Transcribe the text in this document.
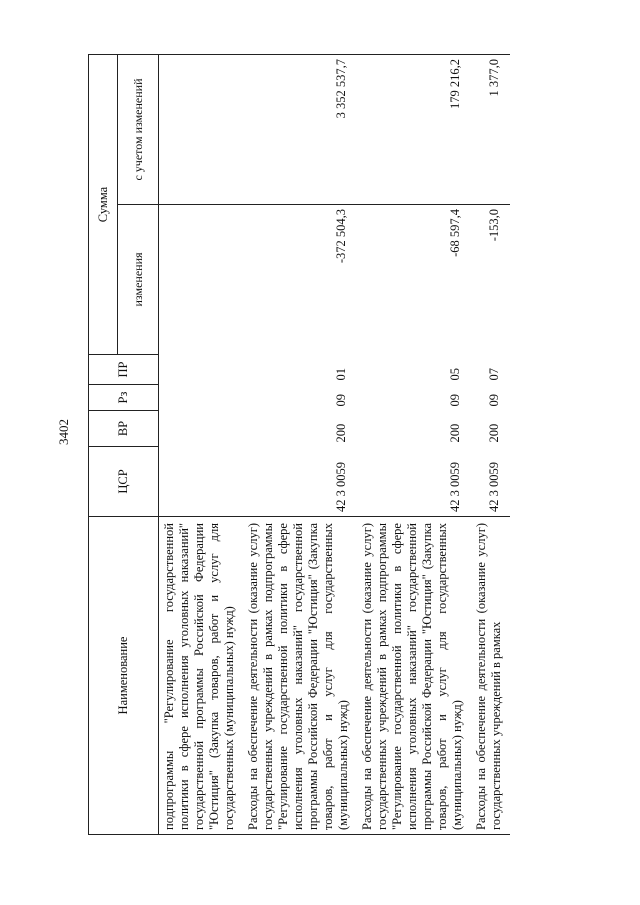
3402
Наименование	ЦСР	ВР	Рз	ПР	Сумма	
					изменения	с учетом изменений
подпрограммы "Регулирование государственной политики в сфере исполнения уголовных наказаний" государственной программы Российской Федерации "Юстиция" (Закупка товаров, работ и услуг для государственных (муниципальных) нужд)						
Расходы на обеспечение деятельности (оказание услуг) государственных учреждений в рамках подпрограммы "Регулирование государственной политики в сфере исполнения уголовных наказаний" государственной программы Российской Федерации "Юстиция" (Закупка товаров, работ и услуг для государственных (муниципальных) нужд)	42 3 0059	200	09	01	-372 504,3	3 352 537,7
Расходы на обеспечение деятельности (оказание услуг) государственных учреждений в рамках подпрограммы "Регулирование государственной политики в сфере исполнения уголовных наказаний" государственной программы Российской Федерации "Юстиция" (Закупка товаров, работ и услуг для государственных (муниципальных) нужд)	42 3 0059	200	09	05	-68 597,4	179 216,2
Расходы на обеспечение деятельности (оказание услуг) государственных учреждений в рамках	42 3 0059	200	09	07	-153,0	1 377,0
